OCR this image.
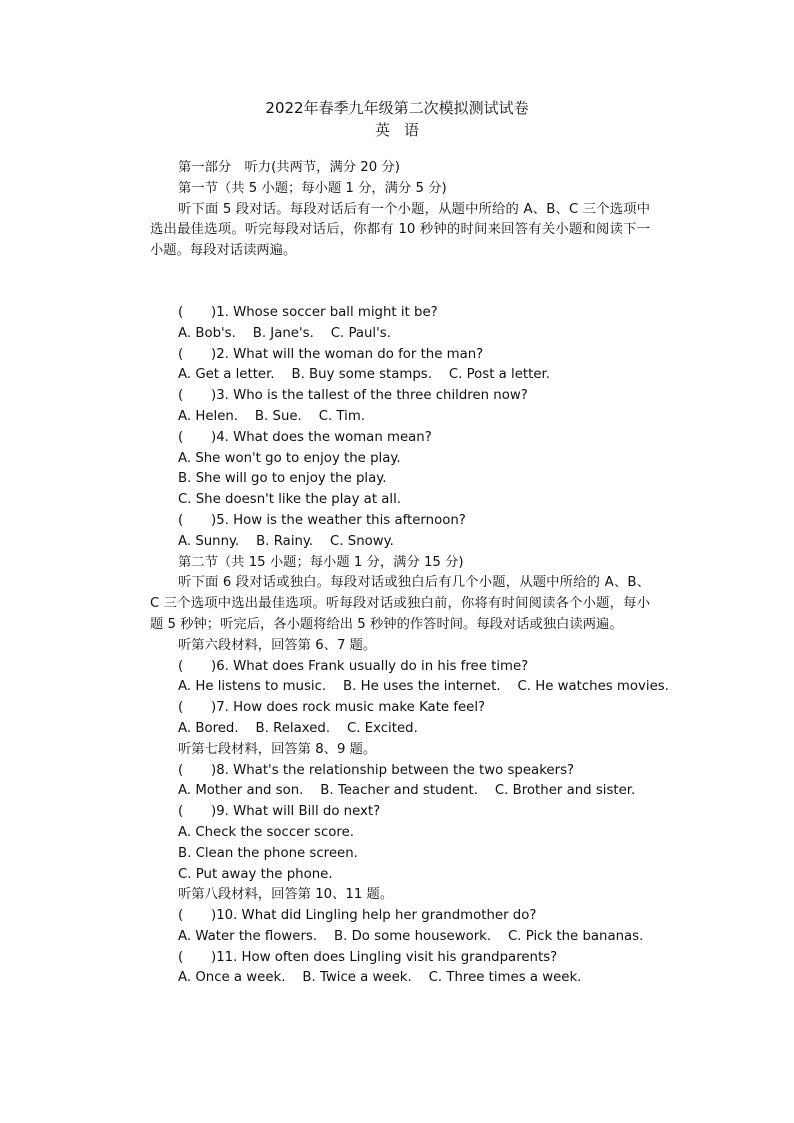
2022年春季九年级第二次模拟测试试卷
英语
第一部分　听力(共两节，满分 20 分)
第一节（共 5 小题；每小题 1 分，满分 5 分)
听下面 5 段对话。每段对话后有一个小题，从题中所给的 A、B、C 三个选项中选出最佳选项。听完每段对话后，你都有 10 秒钟的时间来回答有关小题和阅读下一小题。每段对话读两遍。
( )1. Whose soccer ball might it be?
A. Bob's.    B. Jane's.    C. Paul's.
( )2. What will the woman do for the man?
A. Get a letter.    B. Buy some stamps.    C. Post a letter.
( )3. Who is the tallest of the three children now?
A. Helen.    B. Sue.    C. Tim.
( )4. What does the woman mean?
A. She won't go to enjoy the play.
B. She will go to enjoy the play.
C. She doesn't like the play at all.
( )5. How is the weather this afternoon?
A. Sunny.    B. Rainy.    C. Snowy.
第二节（共 15 小题；每小题 1 分，满分 15 分)
听下面 6 段对话或独白。每段对话或独白后有几个小题，从题中所给的 A、B、C 三个选项中选出最佳选项。听每段对话或独白前，你将有时间阅读各个小题，每小题 5 秒钟；听完后，各小题将给出 5 秒钟的作答时间。每段对话或独白读两遍。
听第六段材料，回答第 6、7 题。
( )6. What does Frank usually do in his free time?
A. He listens to music.    B. He uses the internet.    C. He watches movies.
( )7. How does rock music make Kate feel?
A. Bored.    B. Relaxed.    C. Excited.
听第七段材料，回答第 8、9 题。
( )8. What's the relationship between the two speakers?
A. Mother and son.    B. Teacher and student.    C. Brother and sister.
( )9. What will Bill do next?
A. Check the soccer score.
B. Clean the phone screen.
C. Put away the phone.
听第八段材料，回答第 10、11 题。
( )10. What did Lingling help her grandmother do?
A. Water the flowers.    B. Do some housework.    C. Pick the bananas.
( )11. How often does Lingling visit his grandparents?
A. Once a week.    B. Twice a week.    C. Three times a week.
